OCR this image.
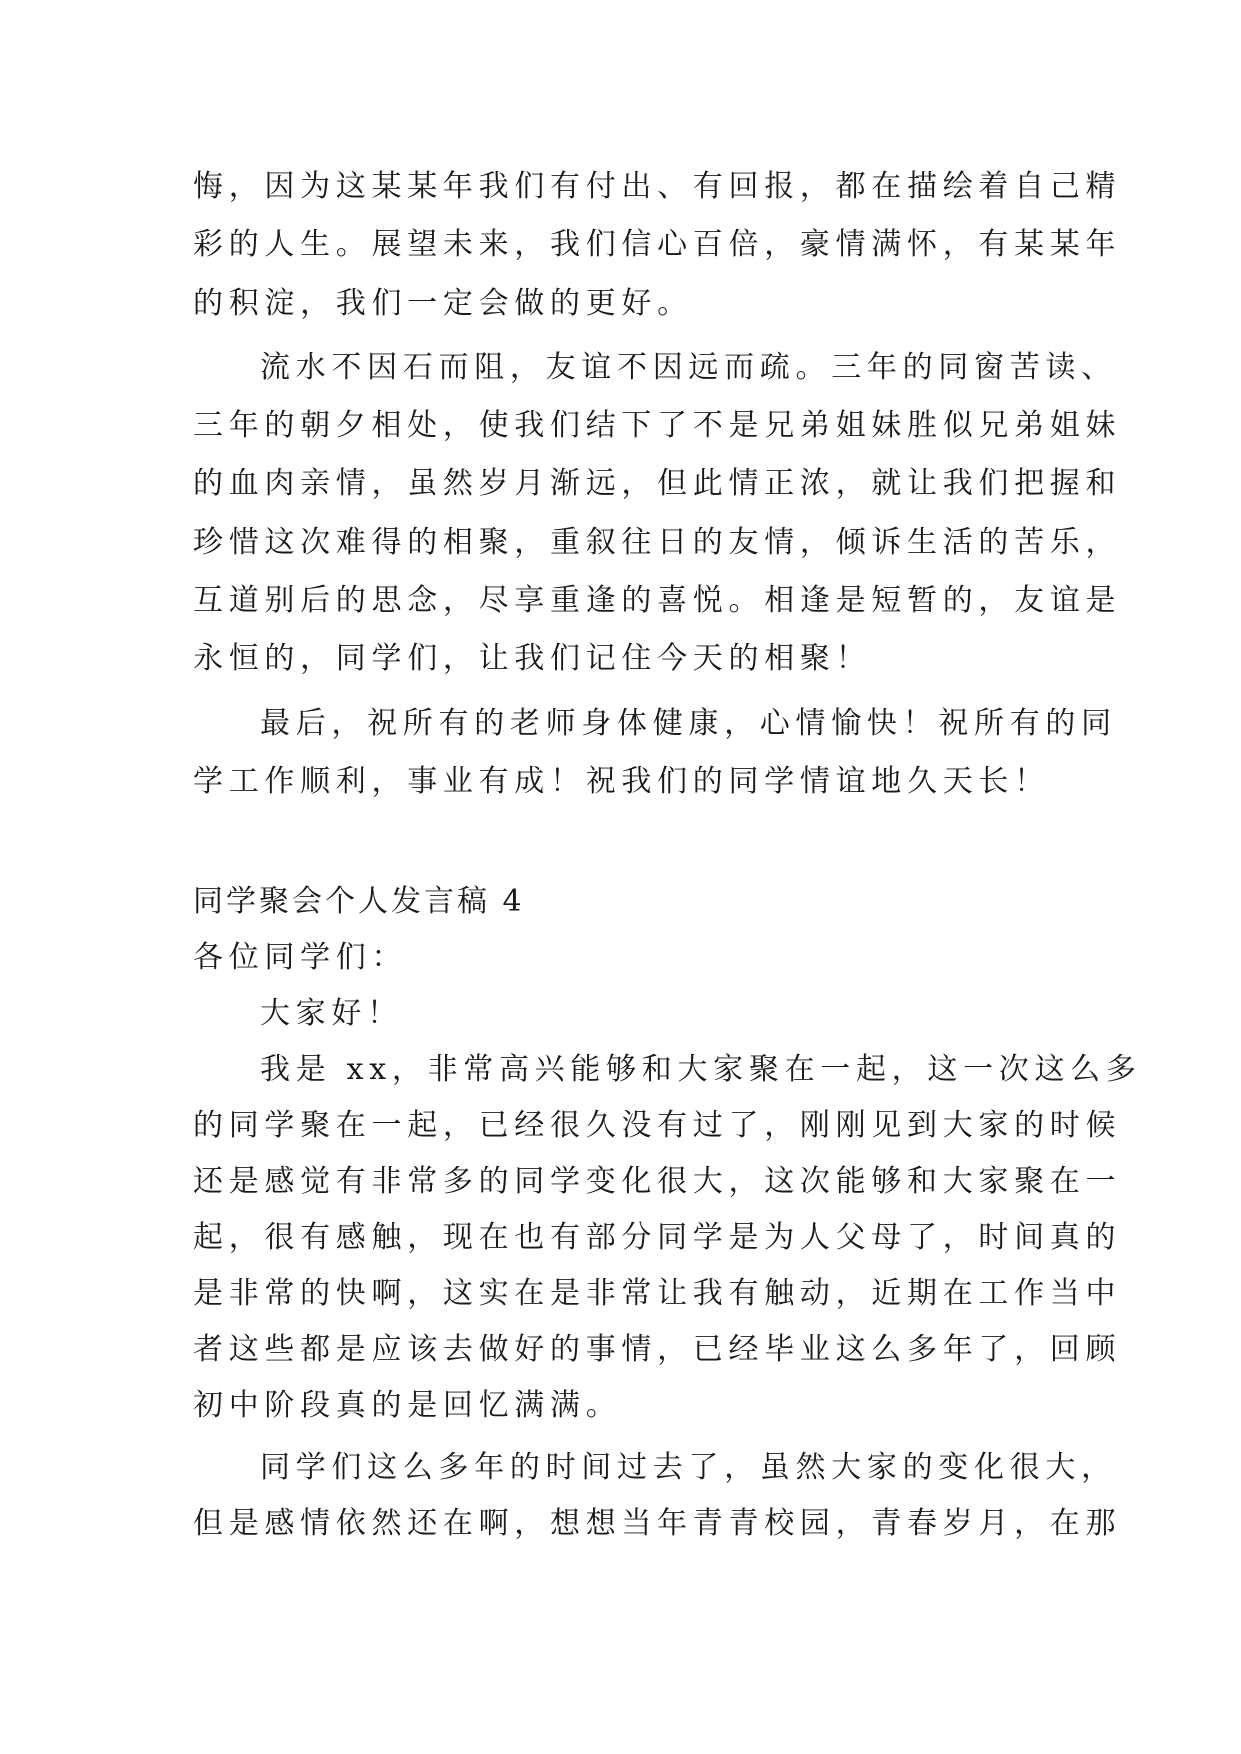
悔，因为这某某年我们有付出、有回报，都在描绘着自己精
彩的人生。展望未来，我们信心百倍，豪情满怀，有某某年
的积淀，我们一定会做的更好。
流水不因石而阻，友谊不因远而疏。三年的同窗苦读、
三年的朝夕相处，使我们结下了不是兄弟姐妹胜似兄弟姐妹
的血肉亲情，虽然岁月渐远，但此情正浓，就让我们把握和
珍惜这次难得的相聚，重叙往日的友情，倾诉生活的苦乐，
互道别后的思念，尽享重逢的喜悦。相逢是短暂的，友谊是
永恒的，同学们，让我们记住今天的相聚！
最后，祝所有的老师身体健康，心情愉快！祝所有的同
学工作顺利，事业有成！祝我们的同学情谊地久天长！
同学聚会个人发言稿 4
各位同学们：
大家好！
我是 xx，非常高兴能够和大家聚在一起，这一次这么多
的同学聚在一起，已经很久没有过了，刚刚见到大家的时候
还是感觉有非常多的同学变化很大，这次能够和大家聚在一
起，很有感触，现在也有部分同学是为人父母了，时间真的
是非常的快啊，这实在是非常让我有触动，近期在工作当中
者这些都是应该去做好的事情，已经毕业这么多年了，回顾
初中阶段真的是回忆满满。
同学们这么多年的时间过去了，虽然大家的变化很大，
但是感情依然还在啊，想想当年青青校园，青春岁月，在那
